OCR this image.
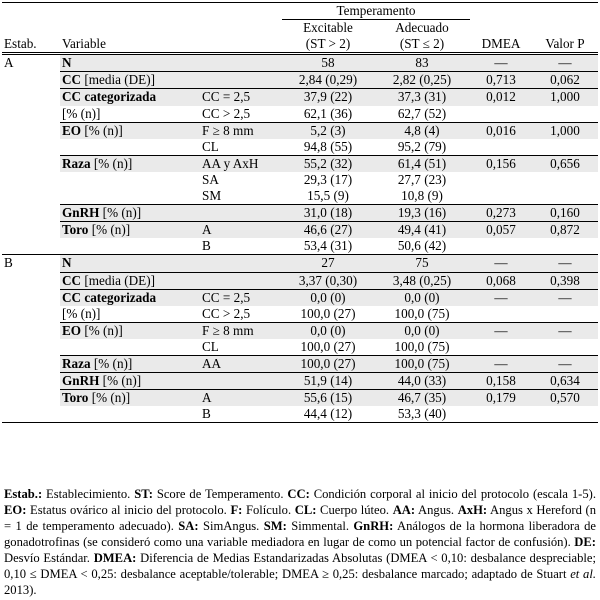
			Temperamento			
			Excitable	Adecuado		
Estab.	Variable		(ST > 2)	(ST ≤ 2)	DMEA	Valor P
A	N		58	83	—	—
	CC [media (DE)]		2,84 (0,29)	2,82 (0,25)	0,713	0,062
	CC categorizada	CC = 2,5	37,9 (22)	37,3 (31)	0,012	1,000
	[% (n)]	CC > 2,5	62,1 (36)	62,7 (52)		
	EO [% (n)]	F ≥ 8 mm	5,2 (3)	4,8 (4)	0,016	1,000
		CL	94,8 (55)	95,2 (79)		
	Raza [% (n)]	AA y AxH	55,2 (32)	61,4 (51)	0,156	0,656
		SA	29,3 (17)	27,7 (23)		
		SM	15,5 (9)	10,8 (9)		
	GnRH [% (n)]		31,0 (18)	19,3 (16)	0,273	0,160
	Toro [% (n)]	A	46,6 (27)	49,4 (41)	0,057	0,872
		B	53,4 (31)	50,6 (42)		
B	N		27	75	—	—
	CC [media (DE)]		3,37 (0,30)	3,48 (0,25)	0,068	0,398
	CC categorizada	CC = 2,5	0,0 (0)	0,0 (0)	—	—
	[% (n)]	CC > 2,5	100,0 (27)	100,0 (75)		
	EO [% (n)]	F ≥ 8 mm	0,0 (0)	0,0 (0)	—	—
		CL	100,0 (27)	100,0 (75)		
	Raza [% (n)]	AA	100,0 (27)	100,0 (75)	—	—
	GnRH [% (n)]		51,9 (14)	44,0 (33)	0,158	0,634
	Toro [% (n)]	A	55,6 (15)	46,7 (35)	0,179	0,570
		B	44,4 (12)	53,3 (40)		
Estab.: Establecimiento. ST: Score de Temperamento. CC: Condición corporal al inicio del protocolo (escala 1-5). EO: Estatus ovárico al inicio del protocolo. F: Folículo. CL: Cuerpo lúteo. AA: Angus. AxH: Angus x Hereford (n = 1 de temperamento adecuado). SA: SimAngus. SM: Simmental. GnRH: Análogos de la hormona liberadora de gonadotrofinas (se consideró como una variable mediadora en lugar de como un potencial factor de confusión). DE: Desvío Estándar. DMEA: Diferencia de Medias Estandarizadas Absolutas (DMEA < 0,10: desbalance despreciable; 0,10 ≤ DMEA < 0,25: desbalance aceptable/tolerable; DMEA ≥ 0,25: desbalance marcado; adaptado de Stuart et al. 2013).
